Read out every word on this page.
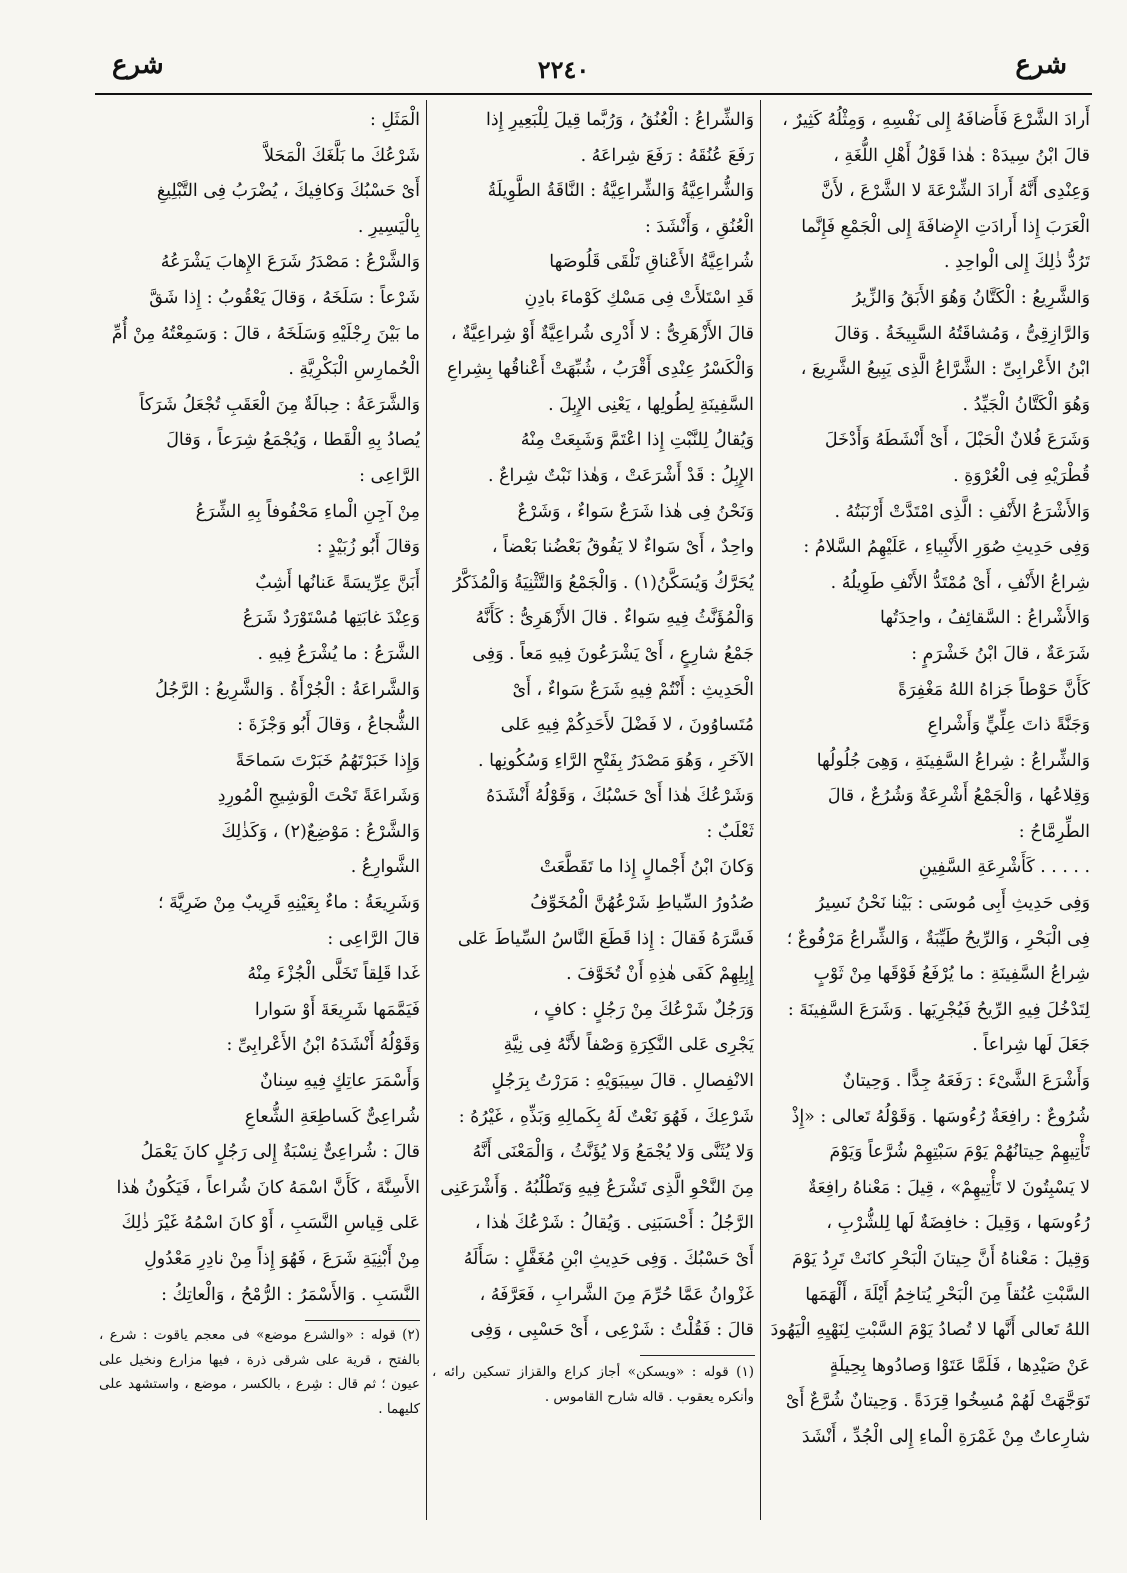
شرع
٢٢٤٠
شرع

أَرادَ الشَّرْعَ فَأَضافَهُ إِلى نَفْسِهِ ، وَمِثْلُهُ كَثِيرٌ ،

قالَ ابْنُ سِيدَهْ : هٰذا قَوْلُ أَهْلِ اللُّغَةِ ،

وَعِنْدِى أَنَّهُ أَرادَ الشِّرْعَةَ لا الشَّرْعَ ، لأَنَّ

الْعَرَبَ إِذا أَرادَتِ الإِضافَةَ إِلى الْجَمْعِ فَإِنَّما

تَرُدُّ ذٰلِكَ إِلى الْواحِدِ .

وَالشَّرِيعُ : الْكَتَّانُ وَهُوَ الأَبَقُ وَالزِّيرُ

وَالرَّازِقِىُّ ، وَمُشاقَتُهُ السَّبِيخَةُ . وَقالَ

ابْنُ الأَعْرابِىِّ : الشَّرَّاعُ الَّذِى يَبِيعُ الشَّرِيعَ ،

وَهُوَ الْكَتَّانُ الْجَيِّدُ .

وَشَرَعَ فُلانٌ الْحَبْلَ ، أَىْ أَنْشَطَهُ وَأَدْخَلَ

قُطْرَيْهِ فِى الْعُرْوَةِ .

وَالأَشْرَعُ الأَنْفِ : الَّذِى امْتَدَّتْ أَرْنَبَتُهُ .

وَفِى حَدِيثِ صُوَرِ الأَنْبِياءِ ، عَلَيْهِمُ السَّلامُ :

شِراعُ الأَنْفِ ، أَىْ مُمْتَدُّ الأَنْفِ طَوِيلُهُ .

وَالأَشْراعُ : السَّقائِفُ ، واحِدَتُها

شَرَعَةٌ ، قالَ ابْنُ خَشْرَمٍ :

كَأَنَّ حَوْطاً جَزاهُ اللهُ مَغْفِرَةً

وَجَنَّةً ذاتَ عِلِّيٍّ وَأَشْراعِ

وَالشِّراعُ : شِراعُ السَّفِينَةِ ، وَهِىَ جُلُولُها

وَقِلاعُها ، وَالْجَمْعُ أَشْرِعَةٌ وَشُرُعٌ ، قالَ

الطِّرِمَّاحُ :

. . . . . كَأَشْرِعَةِ السَّفِينِ

وَفِى حَدِيثِ أَبِى مُوسَى : بَيْنا نَحْنُ نَسِيرُ

فِى الْبَحْرِ ، وَالرِّيحُ طَيِّبَةٌ ، وَالشِّراعُ مَرْفُوعٌ ؛

شِراعُ السَّفِينَةِ : ما يُرْفَعُ فَوْقَها مِنْ ثَوْبٍ

لِتَدْخُلَ فِيهِ الرِّيحُ فَيُجْرِيَها . وَشَرَعَ السَّفِينَةَ :

جَعَلَ لَها شِراعاً .

وَأَشْرَعَ الشَّىْءَ : رَفَعَهُ جِدًّا . وَحِيتانٌ

شُرُوعٌ : رافِعَةٌ رُءُوسَها . وَقَوْلُهُ تَعالى : «إِذْ

تَأْتِيهِمْ حِيتانُهُمْ يَوْمَ سَبْتِهِمْ شُرَّعاً وَيَوْمَ

لا يَسْبِتُونَ لا تَأْتِيهِمْ» ، قِيلَ : مَعْناهُ رافِعَةٌ

رُءُوسَها ، وَقِيلَ : خافِضَةٌ لَها لِلشُّرْبِ ،

وَقِيلَ : مَعْناهُ أَنَّ حِيتانَ الْبَحْرِ كانَتْ تَرِدُ يَوْمَ

السَّبْتِ عُنُقاً مِنَ الْبَحْرِ يُتاخِمُ أَيْلَةَ ، أَلْهَمَها

اللهُ تَعالى أَنَّها لا تُصادُ يَوْمَ السَّبْتِ لِنَهْيِهِ الْيَهُودَ

عَنْ صَيْدِها ، فَلَمَّا عَتَوْا وَصادُوها بِحِيلَةٍ

تَوَجَّهَتْ لَهُمْ مُسِخُوا قِرَدَةً . وَحِيتانٌ شُرَّعٌ أَىْ

شارِعاتٌ مِنْ غَمْرَةِ الْماءِ إِلى الْجُدِّ ، أَنْشَدَ

وَالشِّراعُ : الْعُنُقُ ، وَرُبَّما قِيلَ لِلْبَعِيرِ إِذا

رَفَعَ عُنُقَهُ : رَفَعَ شِراعَهُ .

وَالشُّراعِيَّةُ وَالشِّراعِيَّةُ : النَّاقَةُ الطَّوِيلَةُ

الْعُنُقِ ، وَأَنْشَدَ :

شُراعِيَّةُ الأَعْناقِ تَلْقَى قَلُوصَها

قَدِ اسْتَلأَتْ فِى مَسْكِ كَوْماءَ بادِنِ

قالَ الأَزْهَرِىُّ : لا أَدْرِى شُراعِيَّةٌ أَوْ شِراعِيَّةٌ ،

وَالْكَسْرُ عِنْدِى أَقْرَبُ ، شُبِّهَتْ أَعْناقُها بِشِراعِ

السَّفِينَةِ لِطُولِها ، يَعْنِى الإِبِلَ .

وَيُقالُ لِلنَّبْتِ إِذا اعْتَمَّ وَشَبِعَتْ مِنْهُ

الإِبِلُ : قَدْ أَشْرَعَتْ ، وَهٰذا نَبْتٌ شِراعٌ .

وَنَحْنُ فِى هٰذا شَرَعٌ سَواءٌ ، وَشَرْعٌ

واحِدٌ ، أَىْ سَواءٌ لا يَفُوقُ بَعْضُنا بَعْضاً ،

يُحَرَّكُ وَيُسَكَّنُ(١) . وَالْجَمْعُ وَالتَّثْنِيَةُ وَالْمُذَكَّرُ

وَالْمُؤَنَّثُ فِيهِ سَواءٌ . قالَ الأَزْهَرِىُّ : كَأَنَّهُ

جَمْعُ شارِعٍ ، أَىْ يَشْرَعُونَ فِيهِ مَعاً . وَفِى

الْحَدِيثِ : أَنْتُمْ فِيهِ شَرَعٌ سَواءٌ ، أَىْ

مُتَساوُونَ ، لا فَضْلَ لأَحَدِكُمْ فِيهِ عَلى

الآخَرِ ، وَهُوَ مَصْدَرٌ بِفَتْحِ الرَّاءِ وَسُكُونِها .

وَشَرْعُكَ هٰذا أَىْ حَسْبُكَ ، وَقَوْلُهُ أَنْشَدَهُ

ثَعْلَبٌ :

وَكانَ ابْنُ أَجْمالٍ إِذا ما تَقَطَّعَتْ

صُدُورُ السِّياطِ شَرْعُهُنَّ الْمُخَوِّفُ

فَسَّرَهُ فَقالَ : إِذا قَطَعَ النَّاسُ السِّياطَ عَلى

إِبِلِهِمْ كَفَى هٰذِهِ أَنْ تُخَوَّفَ .

وَرَجُلٌ شَرْعُكَ مِنْ رَجُلٍ : كافٍ ،

يَجْرِى عَلى النَّكِرَةِ وَصْفاً لأَنَّهُ فِى نِيَّةِ

الانْفِصالِ . قالَ سِيبَوَيْهِ : مَرَرْتُ بِرَجُلٍ

شَرْعِكَ ، فَهُوَ نَعْتٌ لَهُ بِكَمالِهِ وَبَذِّهِ ، غَيْرُهُ :

وَلا يُثَنَّى وَلا يُجْمَعُ وَلا يُؤَنَّثُ ، وَالْمَعْنَى أَنَّهُ

مِنَ النَّحْوِ الَّذِى تَشْرَعُ فِيهِ وَتَطْلُبُهُ . وَأَشْرَعَنِى

الرَّجُلُ : أَحْسَبَنِى . وَيُقالُ : شَرْعُكَ هٰذا ،

أَىْ حَسْبُكَ . وَفِى حَدِيثِ ابْنِ مُغَفَّلٍ : سَأَلَهُ

غَزْوانُ عَمَّا حُرِّمَ مِنَ الشَّرابِ ، فَعَرَّفَهُ ،

قالَ : فَقُلْتُ : شَرْعِى ، أَىْ حَسْبِى ، وَفِى

الْمَثَلِ :

شَرْعُكَ ما بَلَّغَكَ الْمَحَلاَّ

أَىْ حَسْبُكَ وَكافِيكَ ، يُضْرَبُ فِى التَّبْلِيغِ

بِالْيَسِيرِ .

وَالشَّرْعُ : مَصْدَرُ شَرَعَ الإِهابَ يَشْرَعُهُ

شَرْعاً : سَلَخَهُ ، وَقالَ يَعْقُوبُ : إِذا شَقَّ

ما بَيْنَ رِجْلَيْهِ وَسَلَخَهُ ، قالَ : وَسَمِعْتُهُ مِنْ أُمِّ

الْحُمارِسِ الْبَكْرِيَّةِ .

وَالشَّرَعَةُ : حِبالَةٌ مِنَ الْعَقَبِ تُجْعَلُ شَرَكاً

يُصادُ بِهِ الْقَطا ، وَيُجْمَعُ شِرَعاً ، وَقالَ

الرَّاعِى :

مِنْ آجِنِ الْماءِ مَحْفُوفاً بِهِ الشِّرَعُ

وَقالَ أَبُو زُبَيْدٍ :

أَبَنَّ عِرِّيسَةً عَنانُها أَشِبٌ

وَعِنْدَ غابَتِها مُسْتَوْرَدٌ شَرَعُ

الشَّرَعُ : ما يُشْرَعُ فِيهِ .

وَالشَّراعَةُ : الْجُرْأَةُ . وَالشَّرِيعُ : الرَّجُلُ

الشُّجاعُ ، وَقالَ أَبُو وَجْزَةَ :

وَإِذا خَبَرْتَهُمُ خَبَرْتَ سَماحَةً

وَشَراعَةً تَحْتَ الْوَشِيجِ الْمُورِدِ

وَالشَّرْعُ : مَوْضِعٌ(٢) ، وَكَذٰلِكَ

الشَّوارِعُ .

وَشَرِيعَةُ : ماءٌ بِعَيْنِهِ قَرِيبٌ مِنْ ضَرِيَّةَ ؛

قالَ الرَّاعِى :

غَدا قَلِقاً تَخَلَّى الْجُزْءَ مِنْهُ

فَيَمَّمَها شَرِيعَةَ أَوْ سَوارا

وَقَوْلُهُ أَنْشَدَهُ ابْنُ الأَعْرابِىِّ :

وَأَسْمَرَ عاتِكٍ فِيهِ سِنانٌ

شُراعِىٌّ كَساطِعَةِ الشُّعاعِ

قالَ : شُراعِىٌّ نِسْبَةٌ إِلى رَجُلٍ كانَ يَعْمَلُ

الأَسِنَّةَ ، كَأَنَّ اسْمَهُ كانَ شُراعاً ، فَيَكُونُ هٰذا

عَلى قِياسِ النَّسَبِ ، أَوْ كانَ اسْمُهُ غَيْرَ ذٰلِكَ

مِنْ أَبْنِيَةِ شَرَعَ ، فَهُوَ إِذاً مِنْ نادِرِ مَعْدُولِ

النَّسَبِ . وَالأَسْمَرُ : الرُّمْحُ ، وَالْعاتِكُ :

(١) قوله : «ويسكن» أجاز كراع والقزاز تسكين رائه ، وأنكره يعقوب . قاله شارح القاموس .
(٢) قوله : «والشرع موضع» فى معجم ياقوت : شرع ، بالفتح ، قرية على شرقى ذرة ، فيها مزارع ونخيل على عيون ؛ ثم قال : شِرع ، بالكسر ، موضع ، واستشهد على كليهما .
